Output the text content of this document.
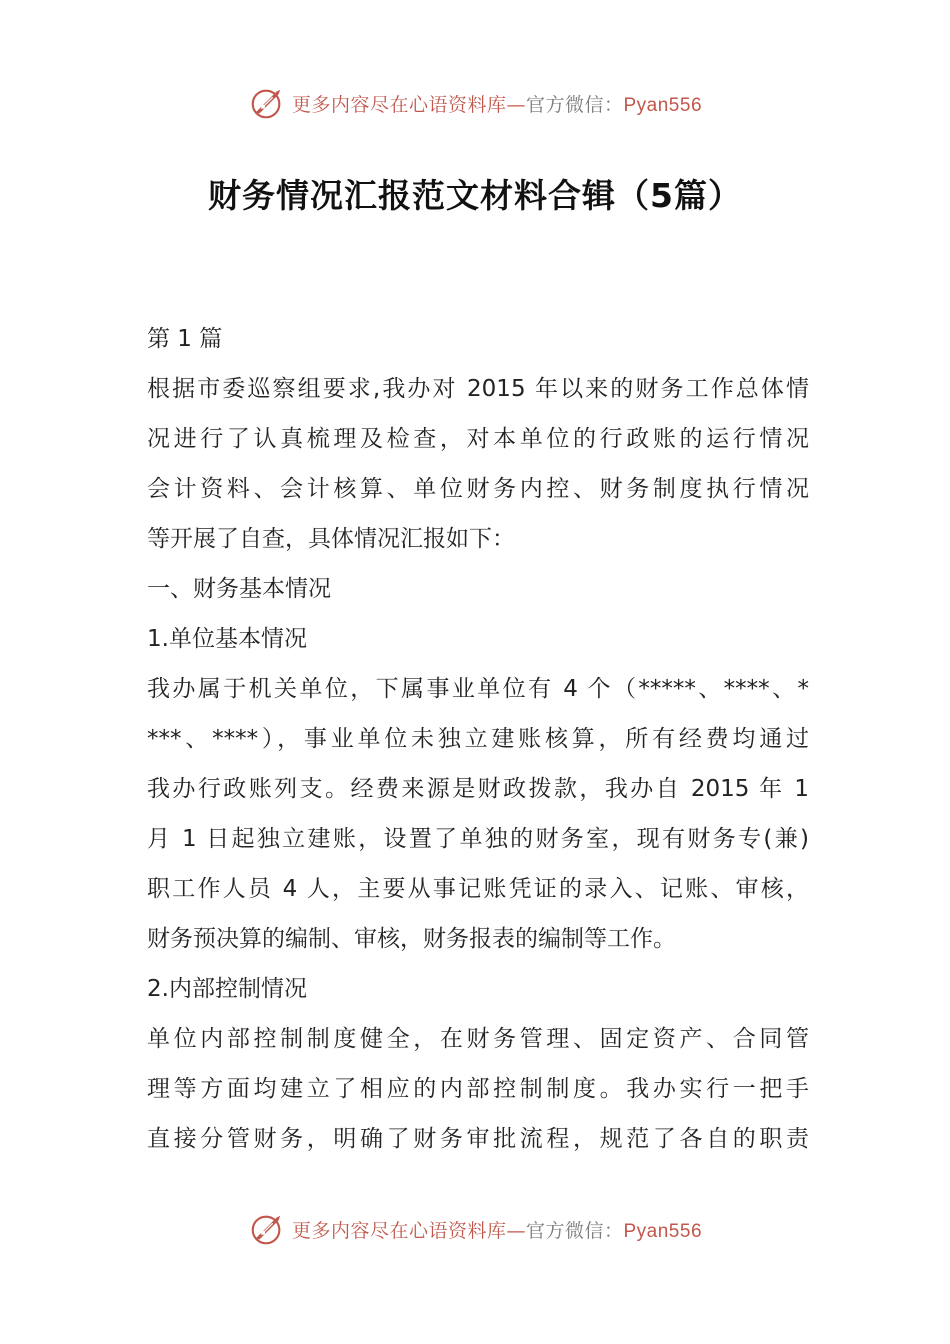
更多内容尽在心语资料库—官方微信：Pyan556
财务情况汇报范文材料合辑（5篇）
第 1 篇
根据市委巡察组要求,我办对 2015 年以来的财务工作总体情
况进行了认真梳理及检查，对本单位的行政账的运行情况
会计资料、会计核算、单位财务内控、财务制度执行情况
等开展了自查，具体情况汇报如下：
一、财务基本情况
1.单位基本情况
我办属于机关单位，下属事业单位有 4 个（*****、****、*
***、****），事业单位未独立建账核算，所有经费均通过
我办行政账列支。经费来源是财政拨款，我办自 2015 年 1
月 1 日起独立建账，设置了单独的财务室，现有财务专(兼)
职工作人员 4 人，主要从事记账凭证的录入、记账、审核，
财务预决算的编制、审核，财务报表的编制等工作。
2.内部控制情况
单位内部控制制度健全，在财务管理、固定资产、合同管
理等方面均建立了相应的内部控制制度。我办实行一把手
直接分管财务，明确了财务审批流程，规范了各自的职责
更多内容尽在心语资料库—官方微信：Pyan556
